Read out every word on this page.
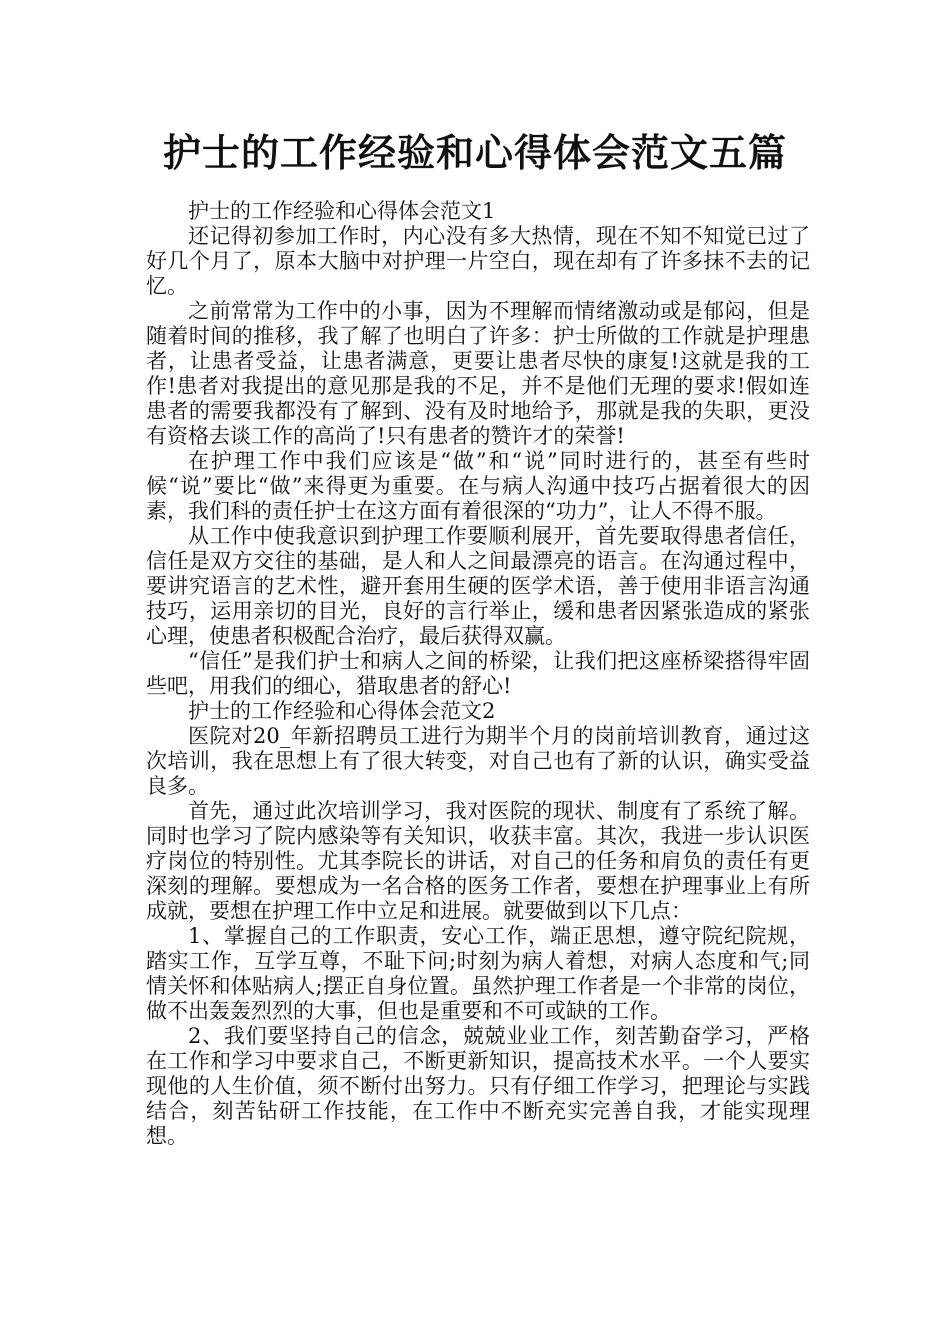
护士的工作经验和心得体会范文五篇

护士的工作经验和心得体会范文1

还记得初参加工作时，内心没有多大热情，现在不知不知觉已过了好几个月了，原本大脑中对护理一片空白，现在却有了许多抹不去的记忆。

之前常常为工作中的小事，因为不理解而情绪激动或是郁闷，但是随着时间的推移，我了解了也明白了许多：护士所做的工作就是护理患者，让患者受益，让患者满意，更要让患者尽快的康复!这就是我的工作!患者对我提出的意见那是我的不足，并不是他们无理的要求!假如连患者的需要我都没有了解到、没有及时地给予，那就是我的失职，更没有资格去谈工作的高尚了!只有患者的赞许才的荣誉!

在护理工作中我们应该是“做”和“说”同时进行的，甚至有些时候“说”要比“做”来得更为重要。在与病人沟通中技巧占据着很大的因素，我们科的责任护士在这方面有着很深的“功力”，让人不得不服。

从工作中使我意识到护理工作要顺利展开，首先要取得患者信任，信任是双方交往的基础，是人和人之间最漂亮的语言。在沟通过程中，要讲究语言的艺术性，避开套用生硬的医学术语，善于使用非语言沟通技巧，运用亲切的目光，良好的言行举止，缓和患者因紧张造成的紧张心理，使患者积极配合治疗，最后获得双赢。

“信任”是我们护士和病人之间的桥梁，让我们把这座桥梁搭得牢固些吧，用我们的细心，猎取患者的舒心!

护士的工作经验和心得体会范文2

医院对20_年新招聘员工进行为期半个月的岗前培训教育，通过这次培训，我在思想上有了很大转变，对自己也有了新的认识，确实受益良多。

首先，通过此次培训学习，我对医院的现状、制度有了系统了解。同时也学习了院内感染等有关知识，收获丰富。其次，我进一步认识医疗岗位的特别性。尤其李院长的讲话，对自己的任务和肩负的责任有更深刻的理解。要想成为一名合格的医务工作者，要想在护理事业上有所成就，要想在护理工作中立足和进展。就要做到以下几点：

1、掌握自己的工作职责，安心工作，端正思想，遵守院纪院规，踏实工作，互学互尊，不耻下问;时刻为病人着想，对病人态度和气;同情关怀和体贴病人;摆正自身位置。虽然护理工作者是一个非常的岗位，做不出轰轰烈烈的大事，但也是重要和不可或缺的工作。

2、我们要坚持自己的信念，兢兢业业工作，刻苦勤奋学习，严格在工作和学习中要求自己，不断更新知识，提高技术水平。一个人要实现他的人生价值，须不断付出努力。只有仔细工作学习，把理论与实践结合，刻苦钻研工作技能，在工作中不断充实完善自我，才能实现理想。
